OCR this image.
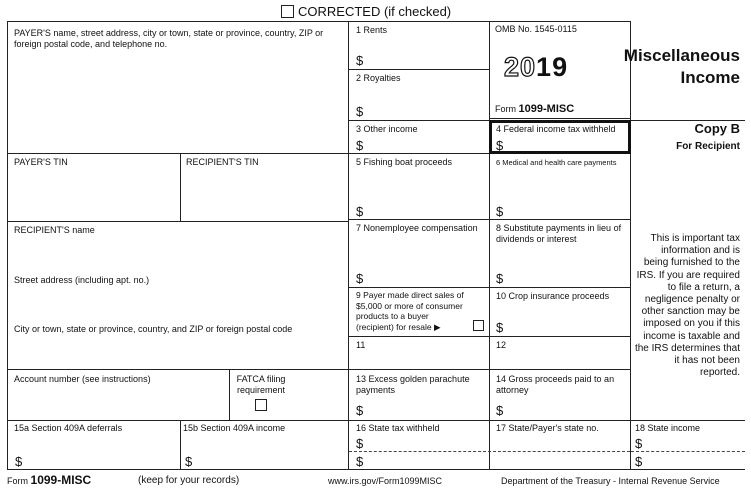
CORRECTED (if checked)
PAYER'S name, street address, city or town, state or province, country, ZIP or foreign postal code, and telephone no.
PAYER'S TIN	RECIPIENT'S TIN
RECIPIENT'S name
Street address (including apt. no.)
City or town, state or province, country, and ZIP or foreign postal code
Account number (see instructions)	FATCA filing requirement
15a Section 409A deferrals
$
15b Section 409A income
$
1 Rents
$
2 Royalties
$
OMB No. 1545-0115
2019
Form 1099-MISC
Miscellaneous
Income
Copy B
For Recipient
3 Other income
$
4 Federal income tax withheld
$
5 Fishing boat proceeds
$
6 Medical and health care payments
$
This is important tax information and is being furnished to the IRS. If you are required to file a return, a negligence penalty or other sanction may be imposed on you if this income is taxable and the IRS determines that it has not been reported.
7 Nonemployee compensation
$
8 Substitute payments in lieu of dividends or interest
$
9 Payer made direct sales of $5,000 or more of consumer products to a buyer (recipient) for resale ▶
10 Crop insurance proceeds
$
11	12
13 Excess golden parachute payments
$
14 Gross proceeds paid to an attorney
$
16 State tax withheld
$
$
17 State/Payer's state no.	18 State income
$
$
Form 1099-MISC	(keep for your records)	www.irs.gov/Form1099MISC	Department of the Treasury - Internal Revenue Service
